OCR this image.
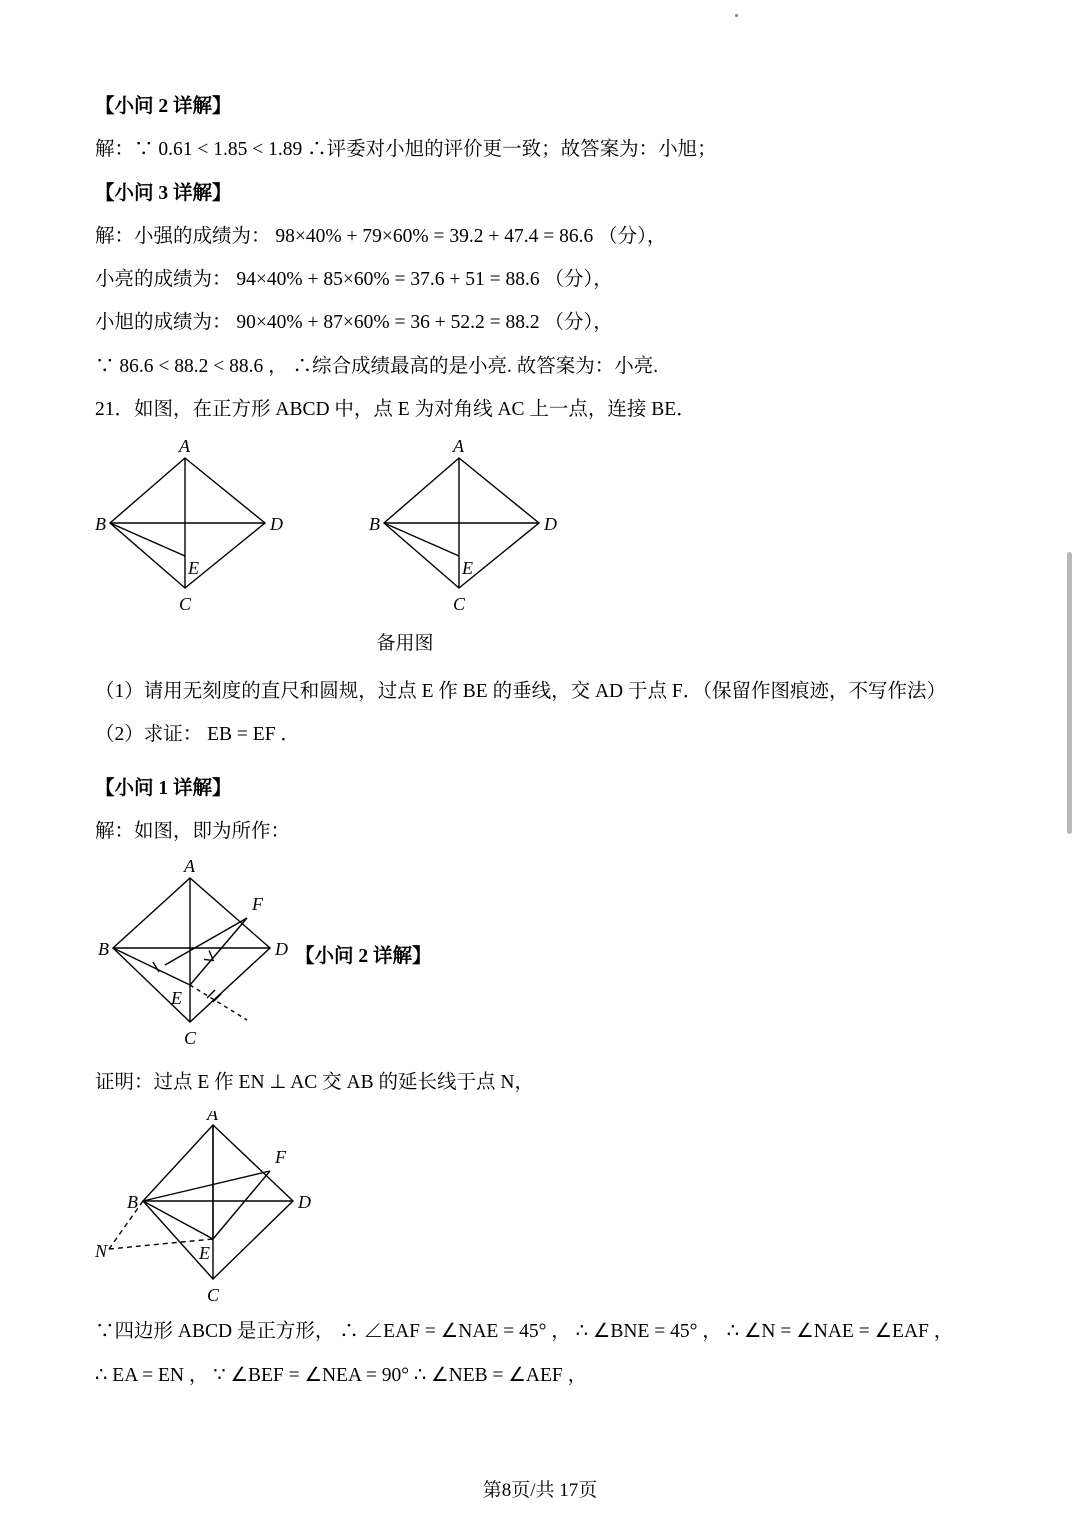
【小问 2 详解】

解：∵ 0.61 < 1.85 < 1.89 ∴评委对小旭的评价更一致；故答案为：小旭；

【小问 3 详解】

解：小强的成绩为： 98×40% + 79×60% = 39.2 + 47.4 = 86.6 （分），

小亮的成绩为： 94×40% + 85×60% = 37.6 + 51 = 88.6 （分），

小旭的成绩为： 90×40% + 87×60% = 36 + 52.2 = 88.2 （分），

∵ 86.6 < 88.2 < 88.6 ， ∴综合成绩最高的是小亮. 故答案为：小亮.

21．如图，在正方形 ABCD 中，点 E 为对角线 AC 上一点，连接 BE．

A
B
C
D
E
A
B
C
D
E

备用图

（1）请用无刻度的直尺和圆规，过点 E 作 BE 的垂线，交 AD 于点 F．（保留作图痕迹，不写作法）

（2）求证： EB = EF ．

【小问 1 详解】

解：如图，即为所作：

A
B
C
D
E
F
【小问 2 详解】

证明：过点 E 作 EN ⊥ AC 交 AB 的延长线于点 N，

A
B
C
D
E
F
N

∵四边形 ABCD 是正方形， ∴ ∠EAF = ∠NAE = 45° ， ∴ ∠BNE = 45° ， ∴ ∠N = ∠NAE = ∠EAF ，

∴ EA = EN ， ∵ ∠BEF = ∠NEA = 90° ∴ ∠NEB = ∠AEF ，

第8页/共 17页
